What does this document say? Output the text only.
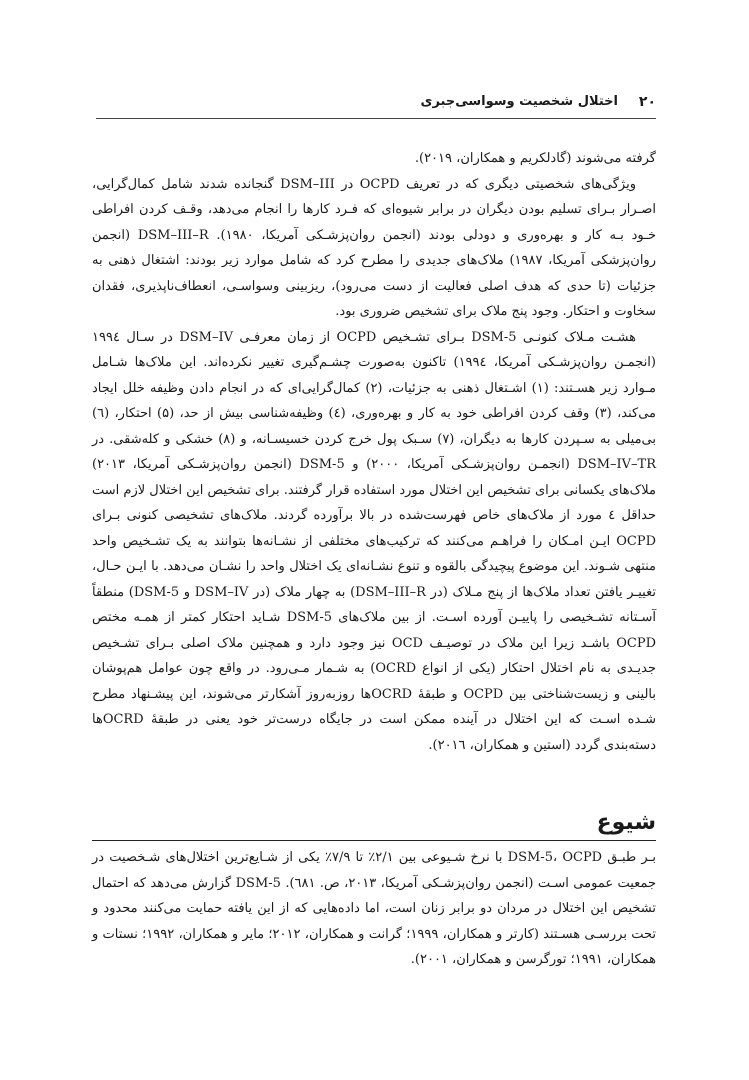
۲۰
اختلال شخصیت وسواسی‌جبری

گرفته می‌شوند (گادلکریم و همکاران، ۲۰۱۹).

ویژگی‌های شخصیتی دیگری که در تعریف OCPD در DSM–III گنجانده شدند شامل کمال‌گرایی، اصـرار بـرای تسلیم بودن دیگران در برابر شیوه‌ای که فـرد کارها را انجام می‌دهد، وقـف کردن افراطی خـود بـه کار و بهره‌وری و دودلی بودند (انجمن روان‌پزشـکی آمریکا، ۱۹۸۰). DSM–III–R (انجمن روان‌پزشکی آمریکا، ۱۹۸۷) ملاک‌های جدیدی را مطرح کرد که شامل موارد زیر بودند: اشتغال ذهنی به جزئیات (تا حدی که هدف اصلی فعالیت از دست می‌رود)، ریزبینی وسواسـی، انعطاف‌ناپذیری، فقدان سخاوت و احتکار. وجود پنج ملاک برای تشخیص ضروری بود.

هشـت مـلاک کنونـی DSM-5 بـرای تشـخیص OCPD از زمان معرفـی DSM–IV در سـال ۱۹۹٤ (انجمـن روان‌پزشـکی آمریکا، ۱۹۹٤) تاکنون به‌صورت چشـم‌گیری تغییر نکرده‌اند. این ملاک‌ها شـامل مـوارد زیر هسـتند: (۱) اشـتغال ذهنی به جزئیات، (۲) کمال‌گرایی‌ای که در انجام دادن وظیفه خلل ایجاد می‌کند، (۳) وقف کردن افراطی خود به کار و بهره‌وری، (٤) وظیفه‌شناسی بیش از حد، (۵) احتکار، (٦) بی‌میلی به سـپردن کارها به دیگران، (۷) سـبک پول خرج کردن خسیسـانه، و (۸) خشکی و کله‌شقی. در DSM–IV–TR (انجمـن روان‌پزشـکی آمریکا، ۲۰۰۰) و DSM-5 (انجمن روان‌پزشـکی آمریکا، ۲۰۱۳) ملاک‌های یکسانی برای تشخیص این اختلال مورد استفاده قرار گرفتند. برای تشخیص این اختلال لازم است حداقل ٤ مورد از ملاک‌های خاص فهرست‌شده در بالا برآورده گردند. ملاک‌های تشخیصی کنونی بـرای OCPD ایـن امـکان را فراهـم می‌کنند که ترکیب‌های مختلفی از نشـانه‌ها بتوانند به یک تشـخیص واحد منتهی شـوند. این موضوع پیچیدگی بالقوه و تنوع نشـانه‌ای یک اختلال واحد را نشـان می‌دهد. با ایـن حـال، تغییـر یافتن تعداد ملاک‌ها از پنج مـلاک (در DSM–III–R) به چهار ملاک (در DSM–IV و DSM-5) منطقاً آسـتانه تشـخیصی را پاییـن آورده اسـت. از بین ملاک‌های DSM-5 شـاید احتکار کمتر از همـه مختص OCPD باشـد زیرا این ملاک در توصیـف OCD نیز وجود دارد و همچنین ملاک اصلی بـرای تشـخیص جدیـدی به نام اختلال احتکار (یکی از انواع OCRD) به شـمار مـی‌رود. در واقع چون عوامل هم‌پوشان بالینی و زیست‌شناختی بین OCPD و طبقهٔ OCRDها روزبه‌روز آشکارتر می‌شوند، این پیشـنهاد مطرح شـده اسـت که این اختلال در آینده ممکن است در جایگاه درست‌تر خود یعنی در طبقهٔ OCRDها دسته‌بندی گردد (استین و همکاران، ۲۰۱٦).

شیوع

بـر طبـق DSM-5، OCPD با نرخ شـیوعی بین ۲/۱٪ تا ۷/۹٪ یکی از شـایع‌ترین اختلال‌های شـخصیت در جمعیت عمومی اسـت (انجمن روان‌پزشـکی آمریکا، ۲۰۱۳، ص. ٦۸۱). DSM-5 گزارش می‌دهد که احتمال تشخیص این اختلال در مردان دو برابر زنان است، اما داده‌هایی که از این یافته حمایت می‌کنند محدود و تحت بررسـی هسـتند (کارتر و همکاران، ۱۹۹۹؛ گرانت و همکاران، ۲۰۱۲؛ مایر و همکاران، ۱۹۹۲؛ نستات و همکاران، ۱۹۹۱؛ تورگرسن و همکاران، ۲۰۰۱).
